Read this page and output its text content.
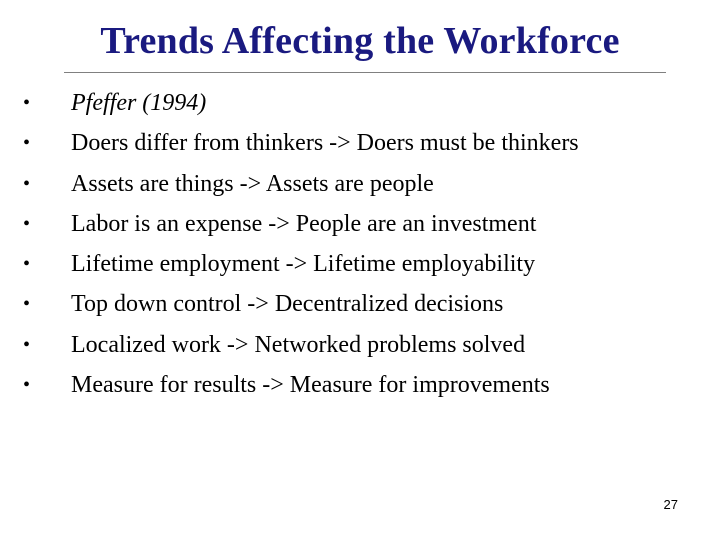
Trends Affecting the Workforce
• Pfeffer (1994)
• Doers differ from thinkers -> Doers must be thinkers
• Assets are things -> Assets are people
• Labor is an expense -> People are an investment
• Lifetime employment -> Lifetime employability
• Top down control -> Decentralized decisions
• Localized work -> Networked problems solved
• Measure for results -> Measure for improvements
27
